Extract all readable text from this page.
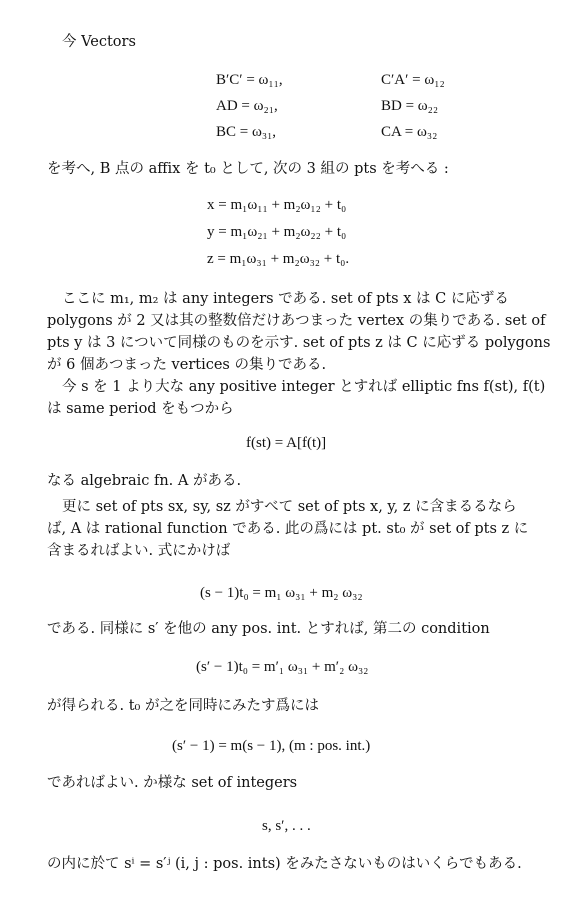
今 Vectors
B′C′ = ω₁₁,	C′A′ = ω₁₂
AD = ω₂₁,	BD = ω₂₂
BC = ω₃₁,	CA = ω₃₂
を考へ, B 点の affix を t₀ として, 次の 3 組の pts を考へる :
x = m₁ω₁₁ + m₂ω₁₂ + t₀
y = m₁ω₂₁ + m₂ω₂₂ + t₀
z = m₁ω₃₁ + m₂ω₃₂ + t₀.
ここに m₁, m₂ は any integers である. set of pts x は C に応ずる
polygons が 2 又は其の整数倍だけあつまった vertex の集りである. set of
pts y は 3 について同様のものを示す. set of pts z は C に応ずる polygons
が 6 個あつまった vertices の集りである.
今 s を 1 より大な any positive integer とすれば elliptic fns f(st), f(t)
は same period をもつから
f(st) = A[f(t)]
なる algebraic fn. A がある.
更に set of pts sx, sy, sz がすべて set of pts x, y, z に含まるるなら
ば, A は rational function である. 此の爲には pt. st₀ が set of pts z に
含まるればよい. 式にかけば
(s − 1)t₀ = m₁ ω₃₁ + m₂ ω₃₂
である. 同様に s′ を他の any pos. int. とすれば, 第二の condition
(s′ − 1)t₀ = m′₁ ω₃₁ + m′₂ ω₃₂
が得られる. t₀ が之を同時にみたす爲には
(s′ − 1) = m(s − 1), (m : pos. int.)
であればよい. か様な set of integers
s, s′, . . .
の内に於て sⁱ = s′ʲ (i, j : pos. ints) をみたさないものはいくらでもある.
